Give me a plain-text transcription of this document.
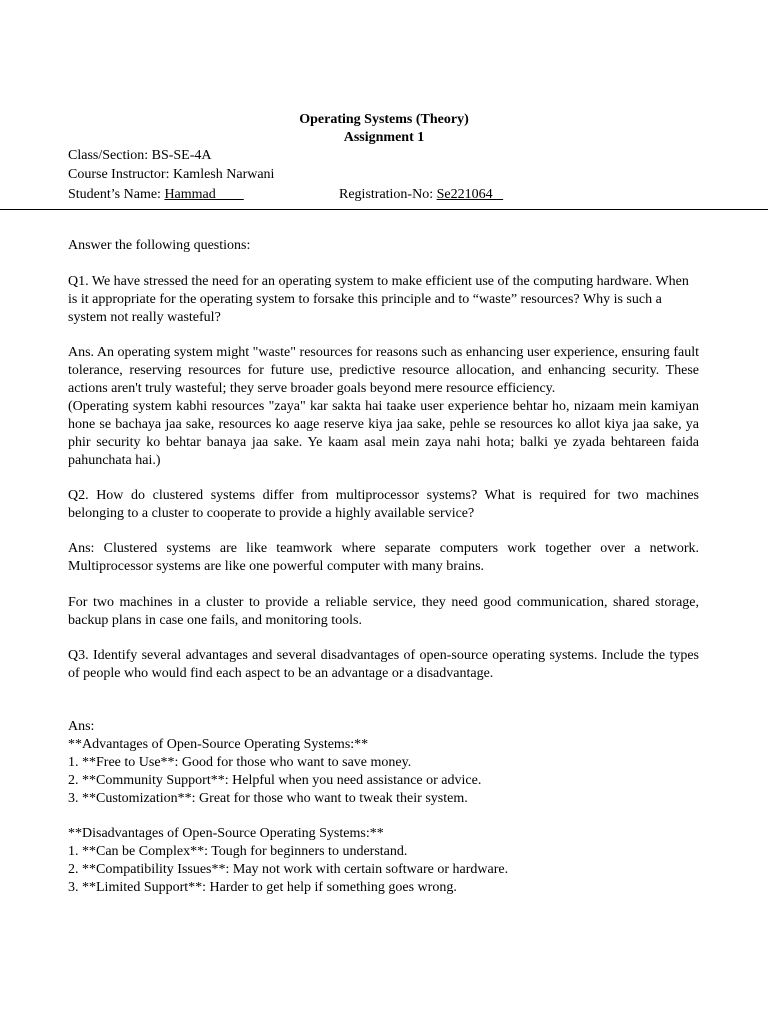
Operating Systems (Theory)
Assignment 1
Class/Section: BS-SE-4A
Course Instructor: Kamlesh Narwani
Student’s Name: Hammad	Registration-No: Se221064

Answer the following questions:

Q1. We have stressed the need for an operating system to make efficient use of the computing hardware. When is it appropriate for the operating system to forsake this principle and to “waste” resources? Why is such a system not really wasteful?

Ans. An operating system might "waste" resources for reasons such as enhancing user experience, ensuring fault tolerance, reserving resources for future use, predictive resource allocation, and enhancing security. These actions aren't truly wasteful; they serve broader goals beyond mere resource efficiency.

(Operating system kabhi resources "zaya" kar sakta hai taake user experience behtar ho, nizaam mein kamiyan hone se bachaya jaa sake, resources ko aage reserve kiya jaa sake, pehle se resources ko allot kiya jaa sake, ya phir security ko behtar banaya jaa sake. Ye kaam asal mein zaya nahi hota; balki ye zyada behtareen faida pahunchata hai.)

Q2. How do clustered systems differ from multiprocessor systems? What is required for two machines belonging to a cluster to cooperate to provide a highly available service?

Ans: Clustered systems are like teamwork where separate computers work together over a network. Multiprocessor systems are like one powerful computer with many brains.

For two machines in a cluster to provide a reliable service, they need good communication, shared storage, backup plans in case one fails, and monitoring tools.

Q3. Identify several advantages and several disadvantages of open-source operating systems. Include the types of people who would find each aspect to be an advantage or a disadvantage.

Ans:

**Advantages of Open-Source Operating Systems:**

1. **Free to Use**: Good for those who want to save money.

2. **Community Support**: Helpful when you need assistance or advice.

3. **Customization**: Great for those who want to tweak their system.

**Disadvantages of Open-Source Operating Systems:**

1. **Can be Complex**: Tough for beginners to understand.

2. **Compatibility Issues**: May not work with certain software or hardware.

3. **Limited Support**: Harder to get help if something goes wrong.
